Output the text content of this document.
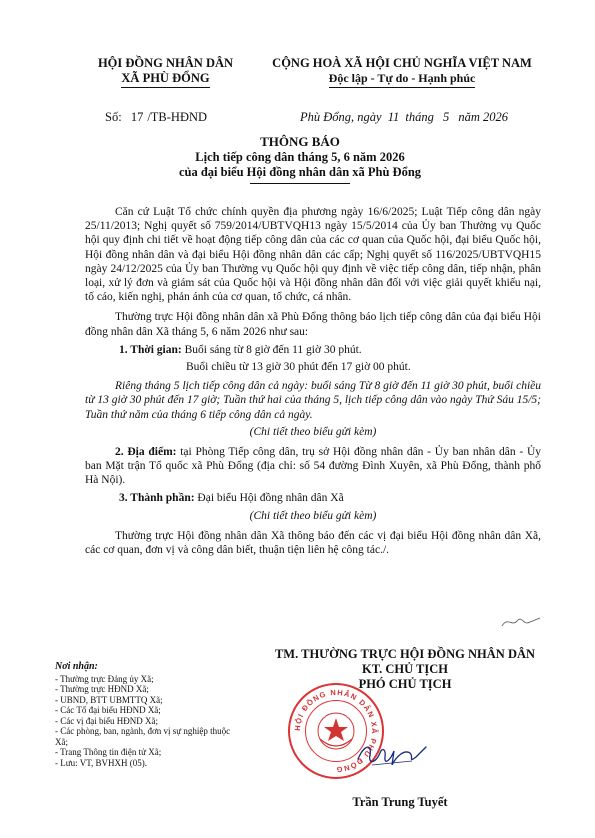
HỘI ĐỒNG NHÂN DÂN
XÃ PHÙ ĐỔNG
CỘNG HOÀ XÃ HỘI CHỦ NGHĨA VIỆT NAM
Độc lập - Tự do - Hạnh phúc
Số: 17 /TB-HĐND	Phù Đổng, ngày 11 tháng 5 năm 2026
THÔNG BÁO
Lịch tiếp công dân tháng 5, 6 năm 2026
của đại biểu Hội đồng nhân dân xã Phù Đổng

Căn cứ Luật Tổ chức chính quyền địa phương ngày 16/6/2025; Luật Tiếp công dân ngày 25/11/2013; Nghị quyết số 759/2014/UBTVQH13 ngày 15/5/2014 của Ủy ban Thường vụ Quốc hội quy định chi tiết về hoạt động tiếp công dân của các cơ quan của Quốc hội, đại biểu Quốc hội, Hội đồng nhân dân và đại biểu Hội đồng nhân dân các cấp; Nghị quyết số 116/2025/UBTVQH15 ngày 24/12/2025 của Ủy ban Thường vụ Quốc hội quy định về việc tiếp công dân, tiếp nhận, phân loại, xử lý đơn và giám sát của Quốc hội và Hội đồng nhân dân đối với việc giải quyết khiếu nại, tố cáo, kiến nghị, phản ánh của cơ quan, tổ chức, cá nhân.

Thường trực Hội đồng nhân dân xã Phù Đổng thông báo lịch tiếp công dân của đại biểu Hội đồng nhân dân Xã tháng 5, 6 năm 2026 như sau:

1. Thời gian: Buổi sáng từ 8 giờ đến 11 giờ 30 phút.
Buổi chiều từ 13 giờ 30 phút đến 17 giờ 00 phút.

Riêng tháng 5 lịch tiếp công dân cả ngày: buổi sáng Từ 8 giờ đến 11 giờ 30 phút, buổi chiều từ 13 giờ 30 phút đến 17 giờ; Tuần thứ hai của tháng 5, lịch tiếp công dân vào ngày Thứ Sáu 15/5; Tuần thứ năm của tháng 6 tiếp công dân cả ngày.

(Chi tiết theo biểu gửi kèm)

2. Địa điểm: tại Phòng Tiếp công dân, trụ sở Hội đồng nhân dân - Ủy ban nhân dân - Ủy ban Mặt trận Tổ quốc xã Phù Đổng (địa chỉ: số 54 đường Đình Xuyên, xã Phù Đổng, thành phố Hà Nội).

3. Thành phần: Đại biểu Hội đồng nhân dân Xã
(Chi tiết theo biểu gửi kèm)

Thường trực Hội đồng nhân dân Xã thông báo đến các vị đại biểu Hội đồng nhân dân Xã, các cơ quan, đơn vị và công dân biết, thuận tiện liên hệ công tác./.

Nơi nhận:
- Thường trực Đảng ủy Xã;
- Thường trực HĐND Xã;
- UBND, BTT UBMTTQ Xã;
- Các Tổ đại biểu HĐND Xã;
- Các vị đại biểu HĐND Xã;
- Các phòng, ban, ngành, đơn vị sự nghiệp thuộc Xã;
- Trang Thông tin điện tử Xã;
- Lưu: VT, BVHXH (05).
TM. THƯỜNG TRỰC HỘI ĐỒNG NHÂN DÂN
KT. CHỦ TỊCH
PHÓ CHỦ TỊCH
HỘI ĐỒNG NHÂN DÂN XÃ PHÙ ĐỔNG
Trần Trung Tuyết
